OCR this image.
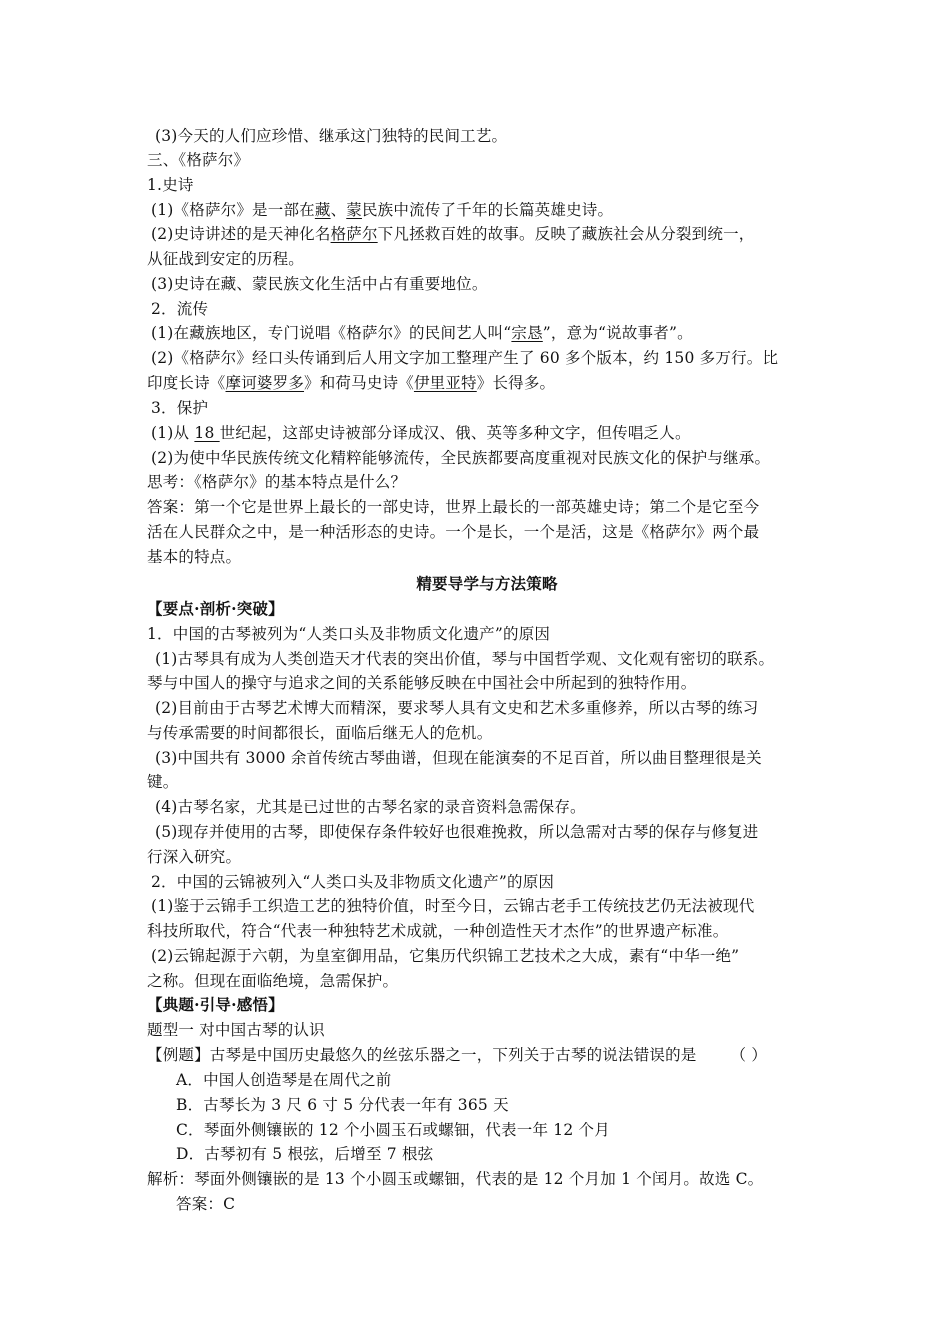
(3)今天的人们应珍惜、继承这门独特的民间工艺。
三、《格萨尔》
1.史诗
(1)《格萨尔》是一部在藏、蒙民族中流传了千年的长篇英雄史诗。
(2)史诗讲述的是天神化名格萨尔下凡拯救百姓的故事。反映了藏族社会从分裂到统一，
从征战到安定的历程。
(3)史诗在藏、蒙民族文化生活中占有重要地位。
2．流传
(1)在藏族地区，专门说唱《格萨尔》的民间艺人叫“宗恳”，意为“说故事者”。
(2)《格萨尔》经口头传诵到后人用文字加工整理产生了 60 多个版本，约 150 多万行。比
印度长诗《摩诃婆罗多》和荷马史诗《伊里亚特》长得多。
3．保护
(1)从 18 世纪起，这部史诗被部分译成汉、俄、英等多种文字，但传唱乏人。
(2)为使中华民族传统文化精粹能够流传，全民族都要高度重视对民族文化的保护与继承。
思考：《格萨尔》的基本特点是什么？
答案：第一个它是世界上最长的一部史诗，世界上最长的一部英雄史诗；第二个是它至今
活在人民群众之中，是一种活形态的史诗。一个是长，一个是活，这是《格萨尔》两个最
基本的特点。
精要导学与方法策略
【要点·剖析·突破】
1．中国的古琴被列为“人类口头及非物质文化遗产”的原因
(1)古琴具有成为人类创造天才代表的突出价值，琴与中国哲学观、文化观有密切的联系。
琴与中国人的操守与追求之间的关系能够反映在中国社会中所起到的独特作用。
(2)目前由于古琴艺术博大而精深，要求琴人具有文史和艺术多重修养，所以古琴的练习
与传承需要的时间都很长，面临后继无人的危机。
(3)中国共有 3000 余首传统古琴曲谱，但现在能演奏的不足百首，所以曲目整理很是关
键。
(4)古琴名家，尤其是已过世的古琴名家的录音资料急需保存。
(5)现存并使用的古琴，即使保存条件较好也很难挽救，所以急需对古琴的保存与修复进
行深入研究。
2．中国的云锦被列入“人类口头及非物质文化遗产”的原因
(1)鉴于云锦手工织造工艺的独特价值，时至今日，云锦古老手工传统技艺仍无法被现代
科技所取代，符合“代表一种独特艺术成就，一种创造性天才杰作”的世界遗产标准。
(2)云锦起源于六朝，为皇室御用品，它集历代织锦工艺技术之大成，素有“中华一绝”
之称。但现在面临绝境，急需保护。
【典题·引导·感悟】
题型一 对中国古琴的认识
【例题】古琴是中国历史最悠久的丝弦乐器之一，下列关于古琴的说法错误的是 （ ）
A．中国人创造琴是在周代之前
B．古琴长为 3 尺 6 寸 5 分代表一年有 365 天
C．琴面外侧镶嵌的 12 个小圆玉石或螺钿，代表一年 12 个月
D．古琴初有 5 根弦，后增至 7 根弦
解析：琴面外侧镶嵌的是 13 个小圆玉或螺钿，代表的是 12 个月加 1 个闰月。故选 C。
答案：C
